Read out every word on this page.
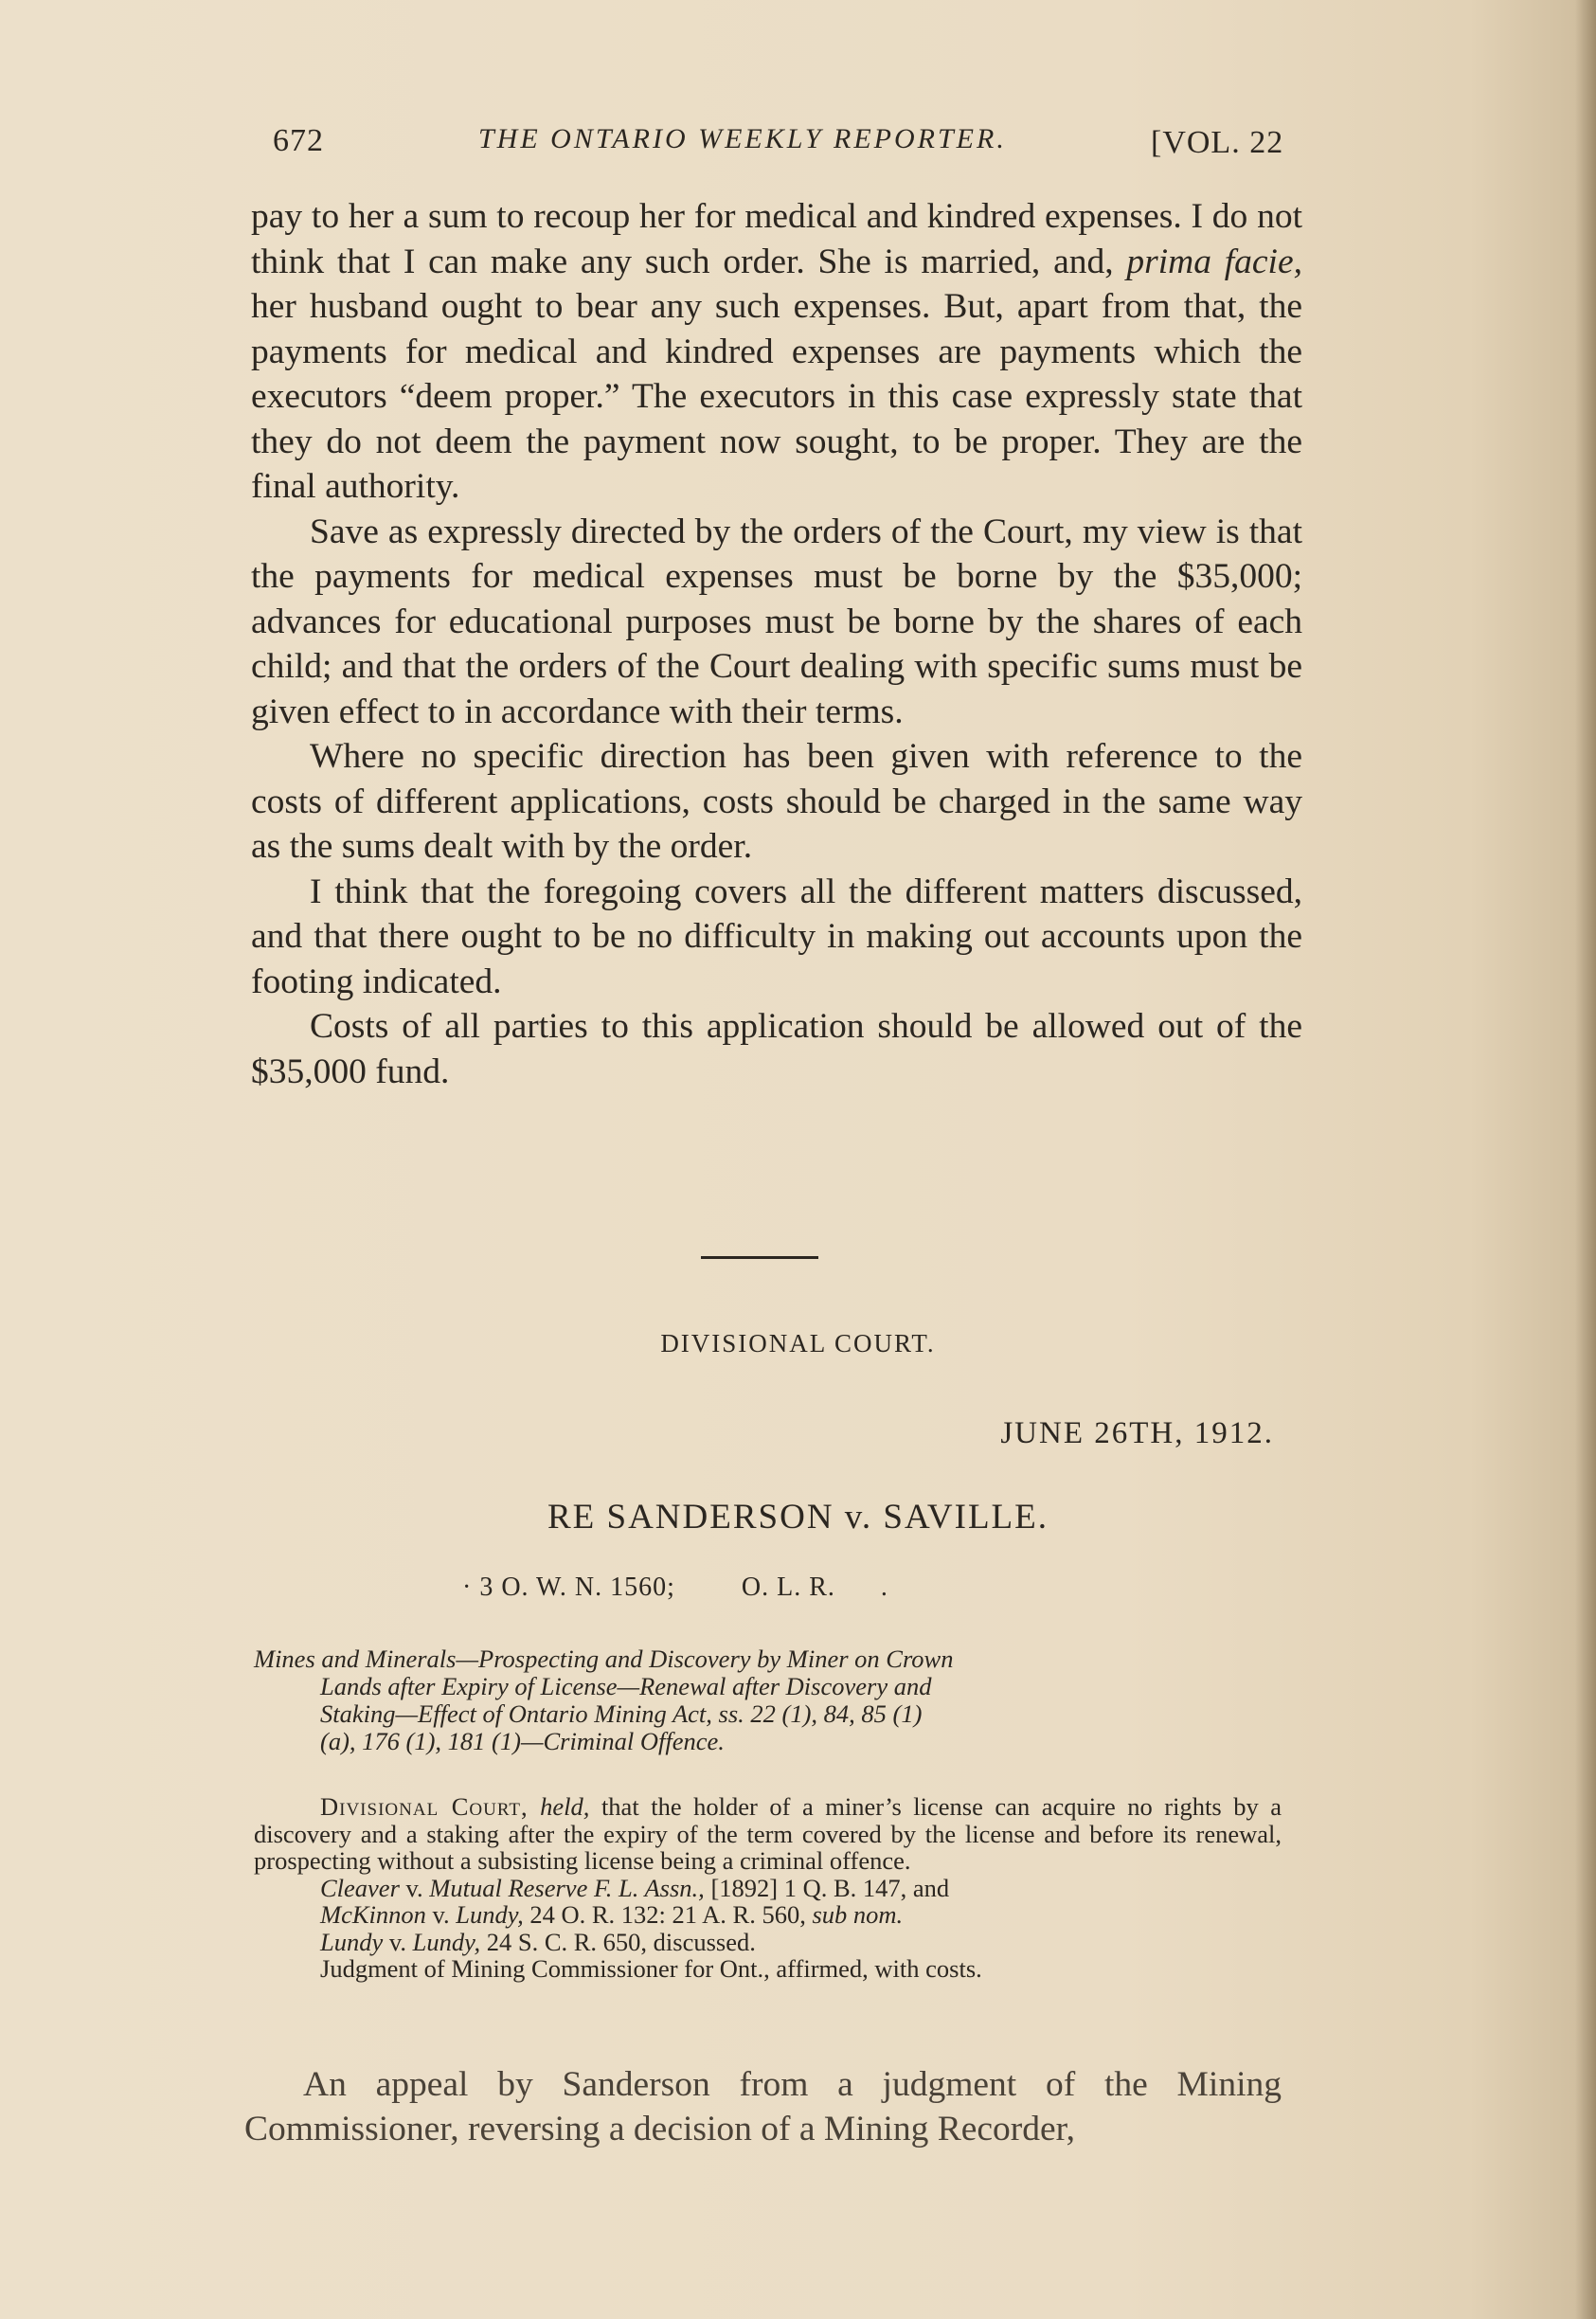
672	THE ONTARIO WEEKLY REPORTER.	[VOL. 22

pay to her a sum to recoup her for medical and kindred expenses. I do not think that I can make any such order. She is married, and, prima facie, her husband ought to bear any such expenses. But, apart from that, the payments for medical and kindred expenses are payments which the executors “deem proper.” The executors in this case expressly state that they do not deem the payment now sought, to be proper. They are the final authority.

Save as expressly directed by the orders of the Court, my view is that the payments for medical expenses must be borne by the $35,000; advances for educational purposes must be borne by the shares of each child; and that the orders of the Court dealing with specific sums must be given effect to in accordance with their terms.

Where no specific direction has been given with reference to the costs of different applications, costs should be charged in the same way as the sums dealt with by the order.

I think that the foregoing covers all the different matters discussed, and that there ought to be no difficulty in making out accounts upon the footing indicated.

Costs of all parties to this application should be allowed out of the $35,000 fund.

DIVISIONAL COURT.
JUNE 26TH, 1912.
RE SANDERSON v. SAVILLE.
· 3 O. W. N. 1560;	O. L. R. .
Mines and Minerals—Prospecting and Discovery by Miner on Crown
Lands after Expiry of License—Renewal after Discovery and
Staking—Effect of Ontario Mining Act, ss. 22 (1), 84, 85 (1)
(a), 176 (1), 181 (1)—Criminal Offence.
Divisional Court, held, that the holder of a miner’s license can acquire no rights by a discovery and a staking after the expiry of the term covered by the license and before its renewal, prospecting without a subsisting license being a criminal offence.
Cleaver v. Mutual Reserve F. L. Assn., [1892] 1 Q. B. 147, and
McKinnon v. Lundy, 24 O. R. 132: 21 A. R. 560, sub nom.
Lundy v. Lundy, 24 S. C. R. 650, discussed.
Judgment of Mining Commissioner for Ont., affirmed, with costs.

An appeal by Sanderson from a judgment of the Mining Commissioner, reversing a decision of a Mining Recorder,
